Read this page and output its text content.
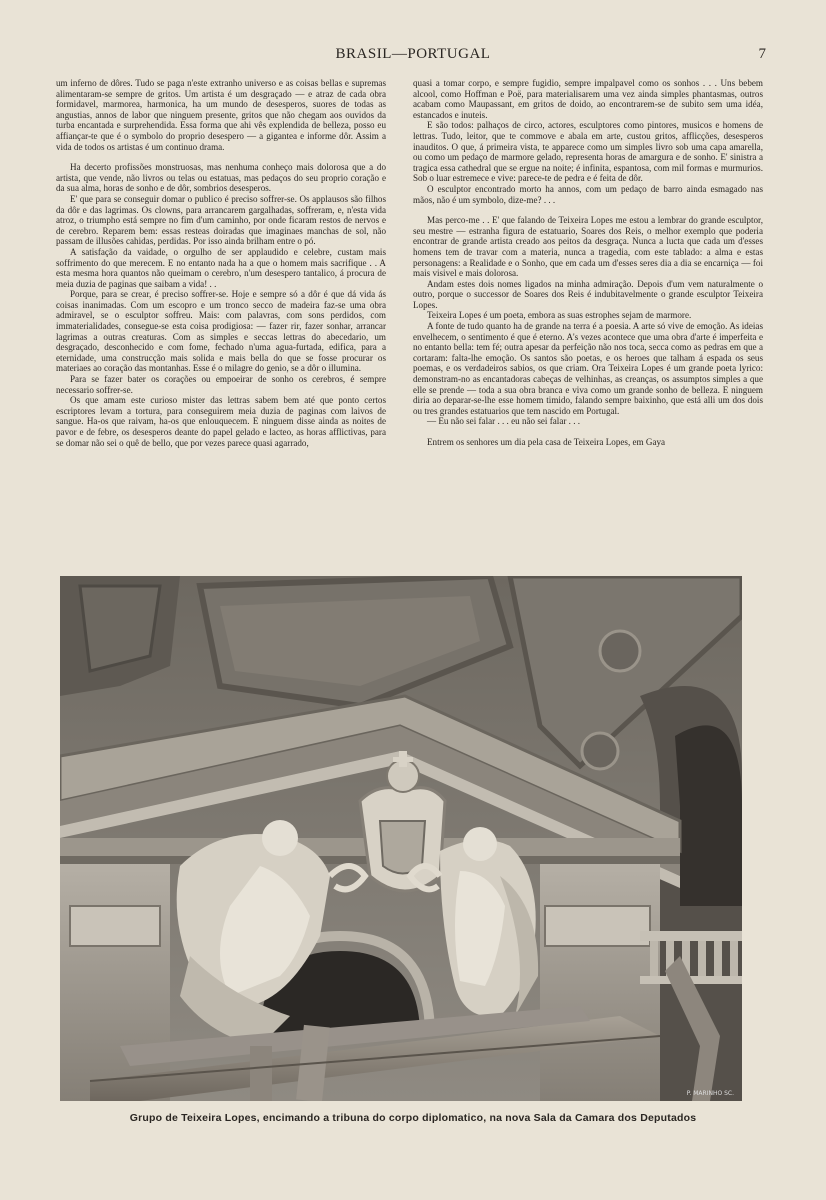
BRASIL—PORTUGAL	7

um inferno de dôres. Tudo se paga n'este extranho universo e as coisas bellas e supremas alimentaram-se sempre de gritos. Um artista é um desgraçado — e atraz de cada obra formidavel, marmorea, harmonica, ha um mundo de desesperos, suores de todas as angustias, annos de labor que ninguem presente, gritos que não chegam aos ouvidos da turba encantada e surprehendida. Essa forma que ahi vês explendida de belleza, posso eu affiançar-te que é o symbolo do proprio desespero — a gigantea e informe dôr. Assim a vida de todos os artistas é um continuo drama.

Ha decerto profissões monstruosas, mas nenhuma conheço mais dolorosa que a do artista, que vende, não livros ou telas ou estatuas, mas pedaços do seu proprio coração e da sua alma, horas de sonho e de dôr, sombrios desesperos.

E' que para se conseguir domar o publico é preciso soffrer-se. Os applausos são filhos da dôr e das lagrimas. Os clowns, para arrancarem gargalhadas, soffreram, e, n'esta vida atroz, o triumpho está sempre no fim d'um caminho, por onde ficaram restos de nervos e de cerebro. Reparem bem: essas resteas doiradas que imaginaes manchas de sol, não passam de illusões cahidas, perdidas. Por isso ainda brilham entre o pó.

A satisfação da vaidade, o orgulho de ser applaudido e celebre, custam mais soffrimento do que merecem. E no entanto nada ha a que o homem mais sacrifique . . A esta mesma hora quantos não queimam o cerebro, n'um desespero tantalico, á procura de meia duzia de paginas que saibam a vida! . .

Porque, para se crear, é preciso soffrer-se. Hoje e sempre só a dôr é que dá vida ás coisas inanimadas. Com um escopro e um tronco secco de madeira faz-se uma obra admiravel, se o esculptor soffreu. Mais: com palavras, com sons perdidos, com immaterialidades, consegue-se esta coisa prodigiosa: — fazer rir, fazer sonhar, arrancar lagrimas a outras creaturas. Com as simples e seccas lettras do abecedario, um desgraçado, desconhecido e com fome, fechado n'uma agua-furtada, edifica, para a eternidade, uma construcção mais solida e mais bella do que se fosse procurar os materiaes ao coração das montanhas. Esse é o milagre do genio, se a dôr o illumina.

Para se fazer bater os corações ou empoeirar de sonho os cerebros, é sempre necessario soffrer-se.

Os que amam este curioso mister das lettras sabem bem até que ponto certos escriptores levam a tortura, para conseguirem meia duzia de paginas com laivos de sangue. Ha-os que raivam, ha-os que enlouquecem. E ninguem disse ainda as noites de pavor e de febre, os desesperos deante do papel gelado e lacteo, as horas afflictivas, para se domar não sei o quê de bello, que por vezes parece quasi agarrado,

quasi a tomar corpo, e sempre fugidio, sempre impalpavel como os sonhos . . . Uns bebem alcool, como Hoffman e Poë, para materialisarem uma vez ainda simples phantasmas, outros acabam como Maupassant, em gritos de doido, ao encontrarem-se de subito sem uma idéa, estancados e inuteis.

E são todos: palhaços de circo, actores, esculptores como pintores, musicos e homens de lettras. Tudo, leitor, que te commove e abala em arte, custou gritos, afflicções, desesperos inauditos. O que, á primeira vista, te apparece como um simples livro sob uma capa amarella, ou como um pedaço de marmore gelado, representa horas de amargura e de sonho. E' sinistra a tragica essa cathedral que se ergue na noite; é infinita, espantosa, com mil formas e murmurios. Sob o luar estremece e vive: parece-te de pedra e é feita de dôr.

O esculptor encontrado morto ha annos, com um pedaço de barro ainda esmagado nas mãos, não é um symbolo, dize-me? . . .

Mas perco-me . . E' que falando de Teixeira Lopes me estou a lembrar do grande esculptor, seu mestre — estranha figura de estatuario, Soares dos Reis, o melhor exemplo que poderia encontrar de grande artista creado aos peitos da desgraça. Nunca a lucta que cada um d'esses homens tem de travar com a materia, nunca a tragedia, com este tablado: a alma e estas personagens: a Realidade e o Sonho, que em cada um d'esses seres dia a dia se encarniça — foi mais visivel e mais dolorosa.

Andam estes dois nomes ligados na minha admiração. Depois d'um vem naturalmente o outro, porque o successor de Soares dos Reis é indubitavelmente o grande esculptor Teixeira Lopes.

Teixeira Lopes é um poeta, embora as suas estrophes sejam de marmore.

A fonte de tudo quanto ha de grande na terra é a poesia. A arte só vive de emoção. As ideias envelhecem, o sentimento é que é eterno. A's vezes acontece que uma obra d'arte é imperfeita e no entanto bella: tem fé; outra apesar da perfeição não nos toca, secca como as pedras em que a cortaram: falta-lhe emoção. Os santos são poetas, e os heroes que talham á espada os seus poemas, e os verdadeiros sabios, os que criam. Ora Teixeira Lopes é um grande poeta lyrico: demonstram-no as encantadoras cabeças de velhinhas, as creanças, os assumptos simples a que elle se prende — toda a sua obra branca e viva como um grande sonho de belleza. E ninguem diria ao deparar-se-lhe esse homem timido, falando sempre baixinho, que está alli um dos dois ou tres grandes estatuarios que tem nascido em Portugal.

— Eu não sei falar . . . eu não sei falar . . .

Entrem os senhores um dia pela casa de Teixeira Lopes, em Gaya

P. MARINHO SC.
Grupo de Teixeira Lopes, encimando a tribuna do corpo diplomatico, na nova Sala da Camara dos Deputados
